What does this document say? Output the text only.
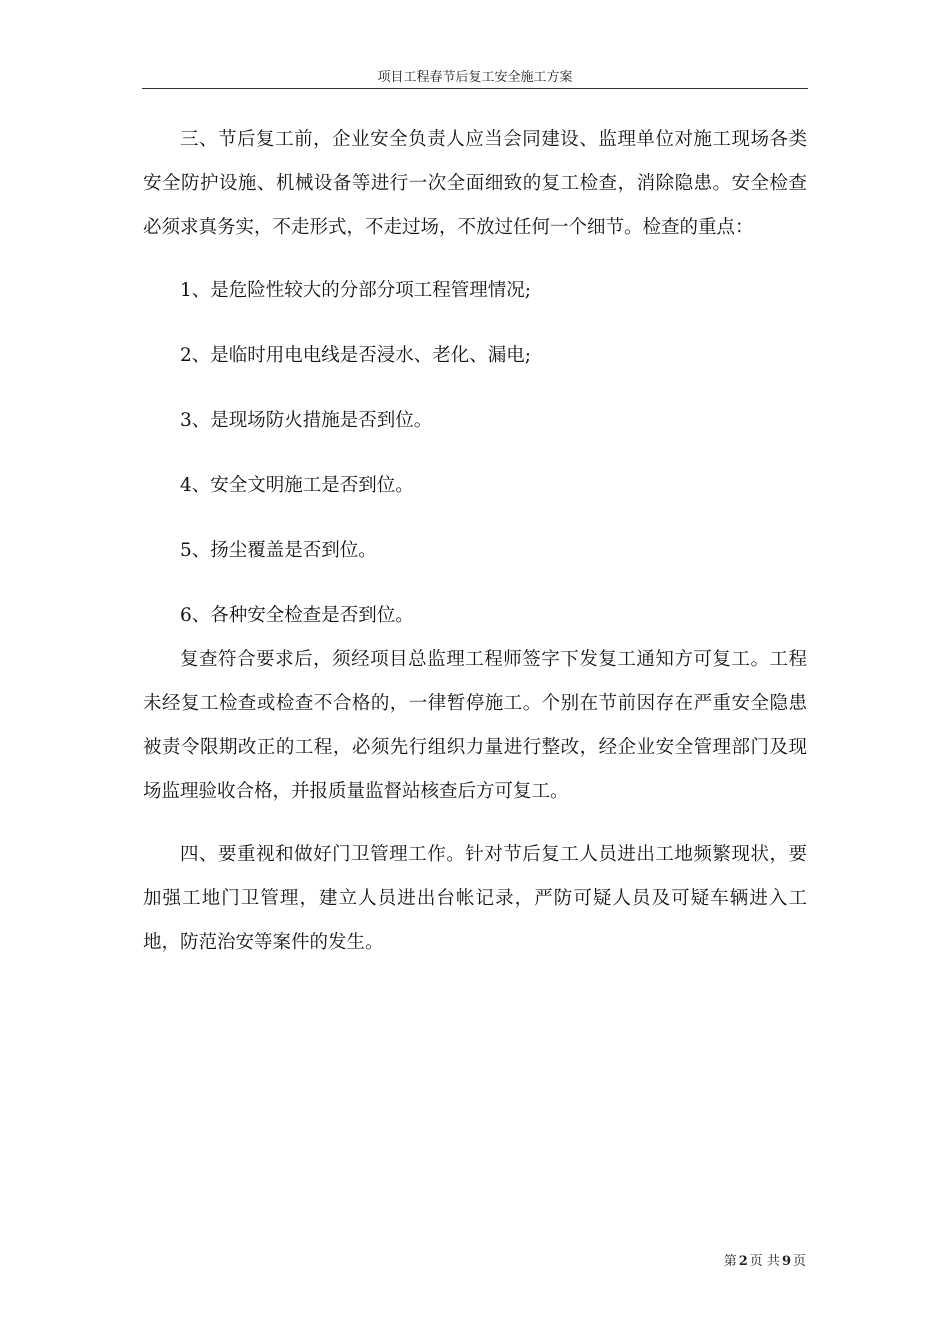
项目工程春节后复工安全施工方案

三、节后复工前，企业安全负责人应当会同建设、监理单位对施工现场各类安全防护设施、机械设备等进行一次全面细致的复工检查，消除隐患。安全检查必须求真务实，不走形式，不走过场，不放过任何一个细节。检查的重点：

1、是危险性较大的分部分项工程管理情况;

2、是临时用电电线是否浸水、老化、漏电;

3、是现场防火措施是否到位。

4、安全文明施工是否到位。

5、扬尘覆盖是否到位。

6、各种安全检查是否到位。

复查符合要求后，须经项目总监理工程师签字下发复工通知方可复工。工程未经复工检查或检查不合格的，一律暂停施工。个别在节前因存在严重安全隐患被责令限期改正的工程，必须先行组织力量进行整改，经企业安全管理部门及现场监理验收合格，并报质量监督站核查后方可复工。

四、要重视和做好门卫管理工作。针对节后复工人员进出工地频繁现状，要加强工地门卫管理，建立人员进出台帐记录，严防可疑人员及可疑车辆进入工地，防范治安等案件的发生。

第 2 页 共 9 页
